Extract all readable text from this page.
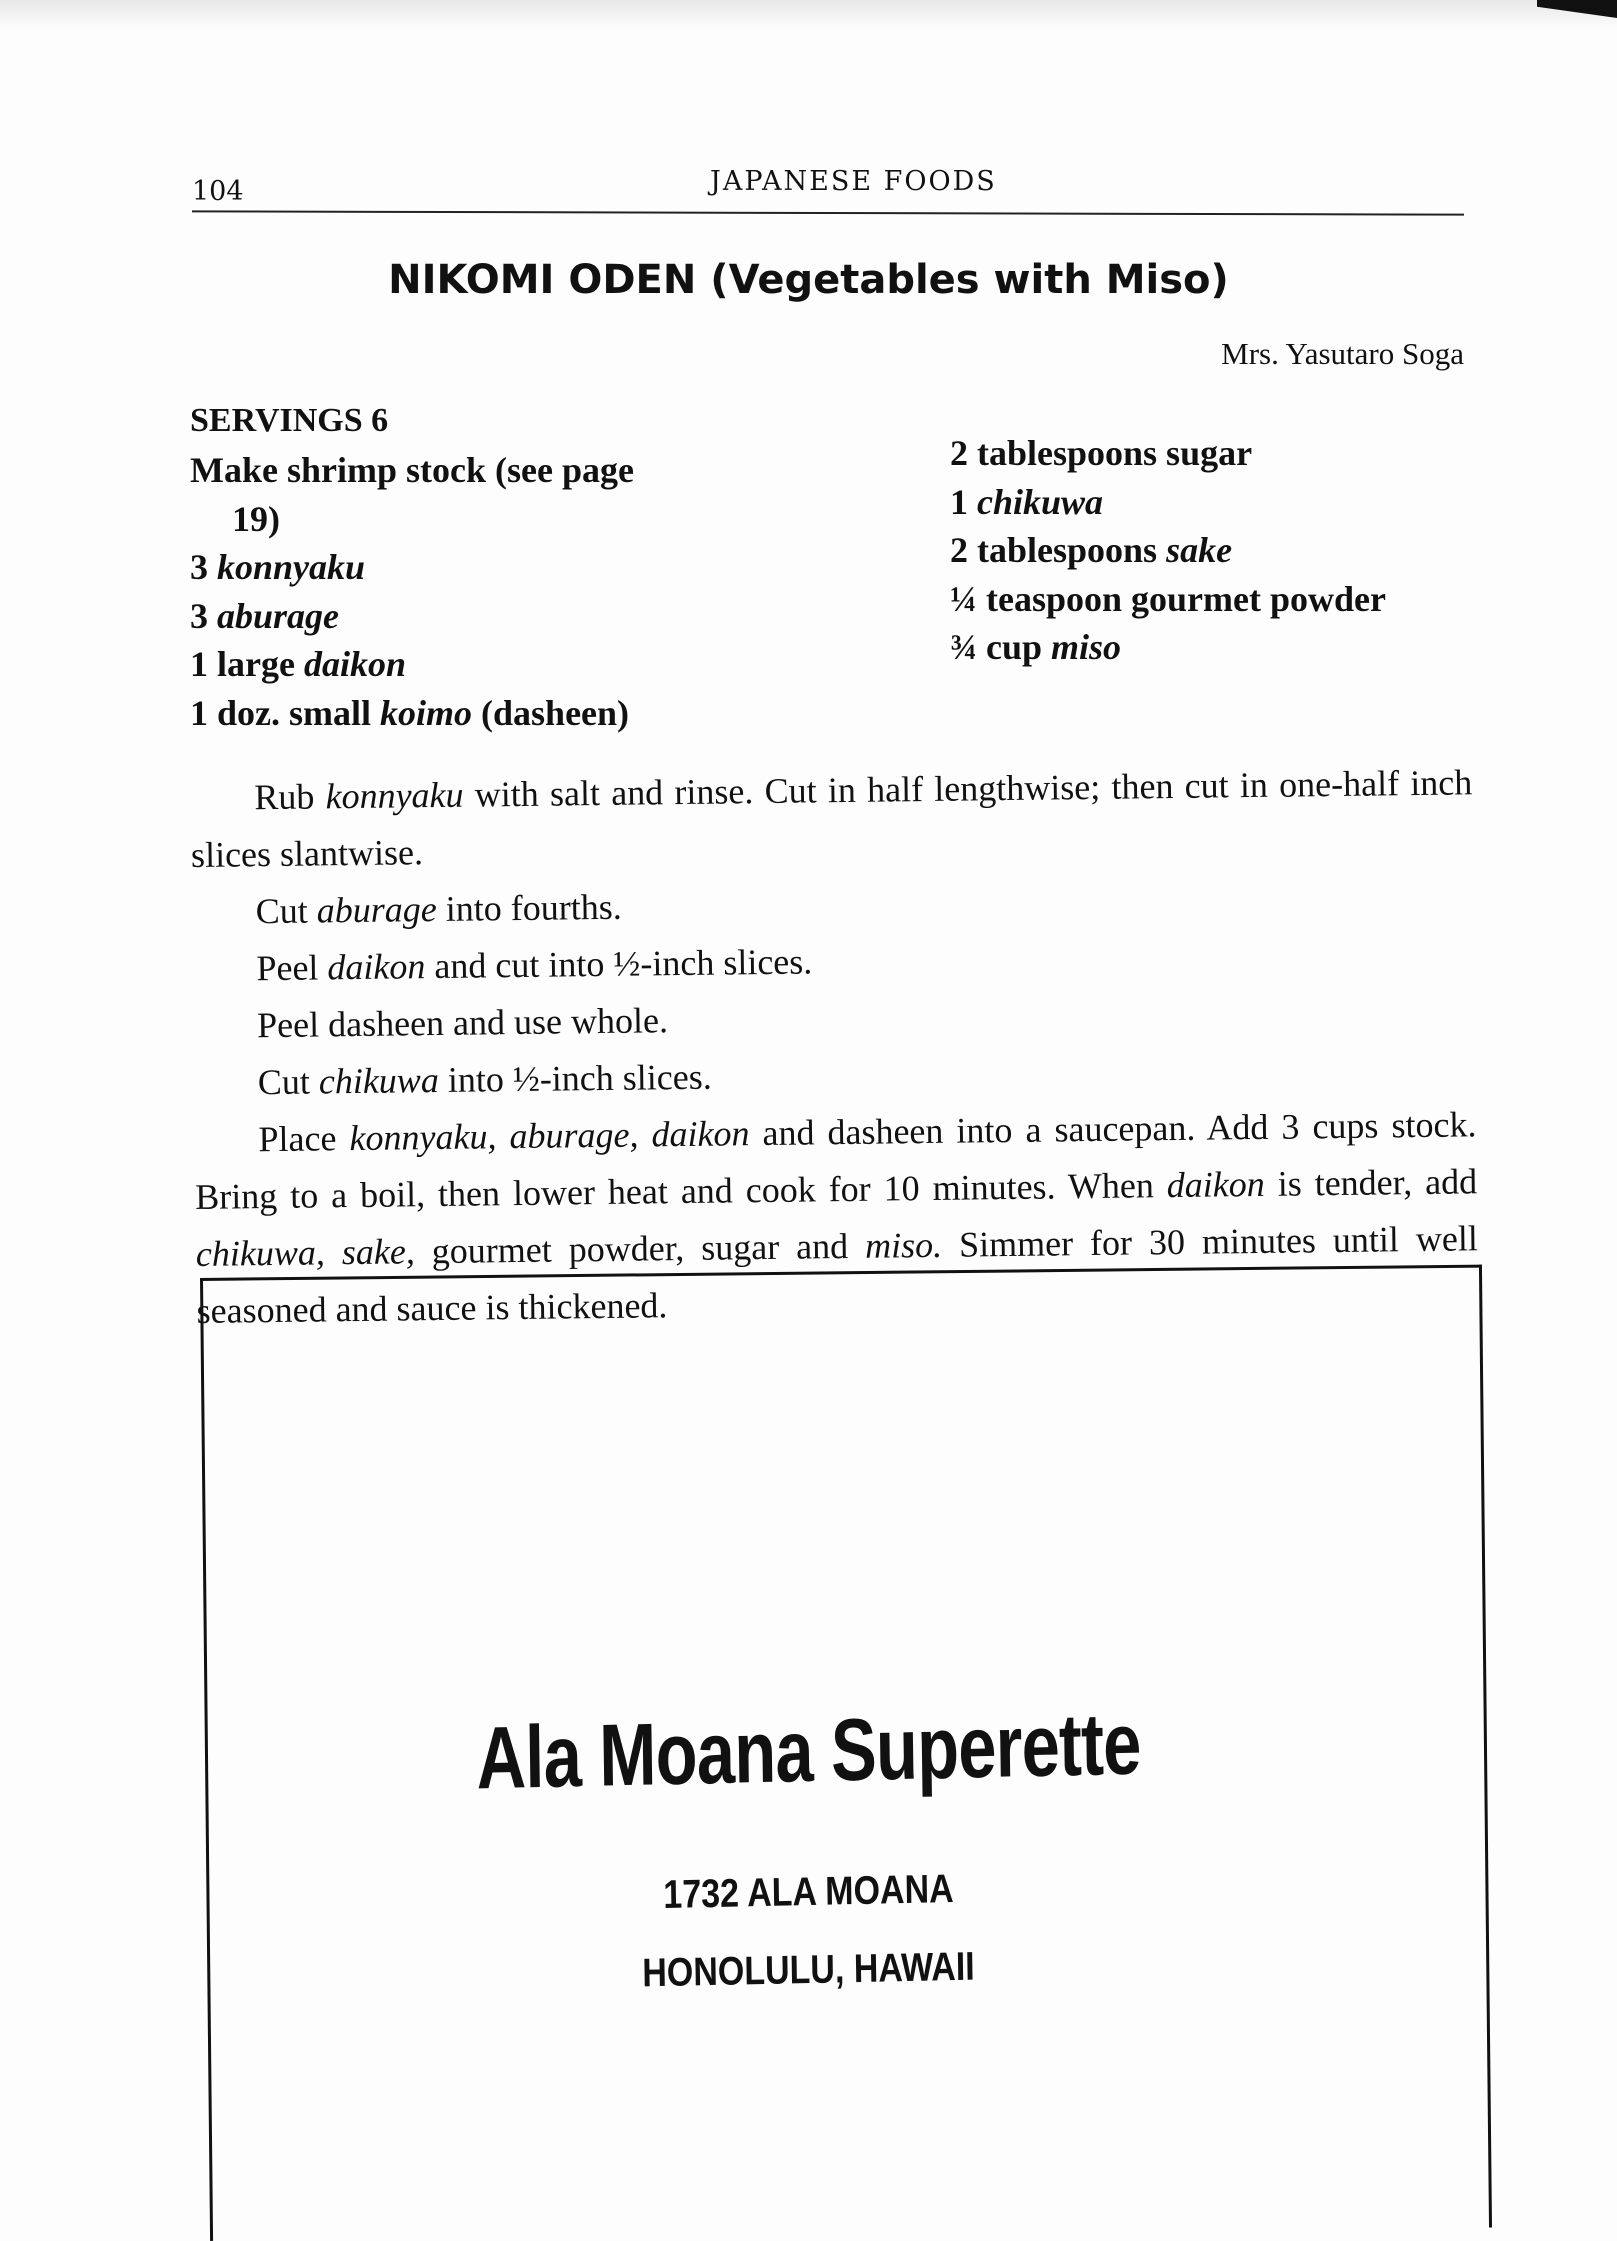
104	JAPANESE FOODS
NIKOMI ODEN (Vegetables with Miso)
Mrs. Yasutaro Soga
SERVINGS 6
Make shrimp stock (see page
19)
3 konnyaku
3 aburage
1 large daikon
1 doz. small koimo (dasheen)
2 tablespoons sugar
1 chikuwa
2 tablespoons sake
¼ teaspoon gourmet powder
¾ cup miso

Rub konnyaku with salt and rinse. Cut in half lengthwise; then cut in one-half inch slices slantwise.

Cut aburage into fourths.

Peel daikon and cut into ½-inch slices.

Peel dasheen and use whole.

Cut chikuwa into ½-inch slices.

Place konnyaku, aburage, daikon and dasheen into a saucepan. Add 3 cups stock. Bring to a boil, then lower heat and cook for 10 minutes. When daikon is tender, add chikuwa, sake, gourmet powder, sugar and miso. Simmer for 30 minutes until well seasoned and sauce is thickened.

Ala Moana Superette
1732 ALA MOANA
HONOLULU, HAWAII
